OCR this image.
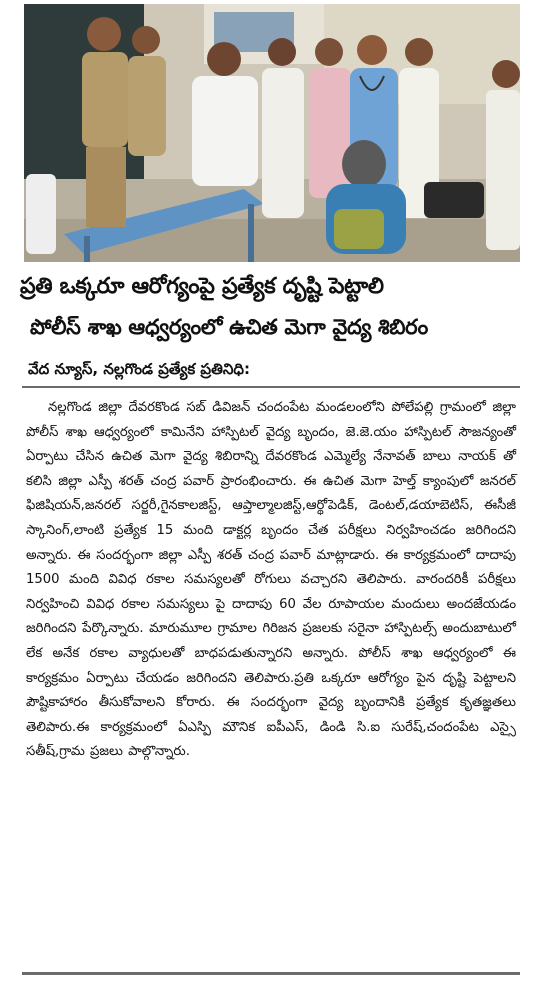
ప్రతి ఒక్కరూ ఆరోగ్యంపై ప్రత్యేక దృష్టి పెట్టాలి
పోలీస్ శాఖ ఆధ్వర్యంలో ఉచిత మెగా వైద్య శిబిరం
వేద న్యూస్, నల్లగొండ ప్రత్యేక ప్రతినిధి:

నల్లగొండ జిల్లా దేవరకొండ సబ్ డివిజన్ చందంపేట మండలంలోని పోలేపల్లి గ్రామంలో జిల్లా పోలీస్ శాఖ ఆధ్వర్యంలో కామినేని హాస్పిటల్ వైద్య బృందం, జె.జె.యం హాస్పిటల్ సౌజన్యంతో ఏర్పాటు చేసిన ఉచిత మెగా వైద్య శిబిరాన్ని దేవరకొండ ఎమ్మెల్యే నేనావత్ బాలు నాయక్ తో కలిసి జిల్లా ఎస్పీ శరత్ చంద్ర పవార్ ప్రారంభించారు. ఈ ఉచిత మెగా హెల్త్ క్యాంపులో జనరల్ ఫిజిషియన్,జనరల్ సర్జరీ,గైనకాలజిస్ట్, ఆప్తాల్మాలజిస్ట్,ఆర్థోపెడిక్, డెంటల్,డయాబెటిస్, ఈసీజీ స్కానింగ్,లాంటి ప్రత్యేక 15 మంది డాక్టర్ల బృందం చేత పరీక్షలు నిర్వహించడం జరిగిందని అన్నారు. ఈ సందర్భంగా జిల్లా ఎస్పీ శరత్ చంద్ర పవార్ మాట్లాడారు. ఈ కార్యక్రమంలో దాదాపు 1500 మంది వివిధ రకాల సమస్యలతో రోగులు వచ్చారని తెలిపారు. వారందరికీ పరీక్షలు నిర్వహించి వివిధ రకాల సమస్యలు పై దాదాపు 60 వేల రూపాయల మందులు అందజేయడం జరిగిందని పేర్కొన్నారు. మారుమూల గ్రామాల గిరిజన ప్రజలకు సరైనా హాస్పిటల్స్ అందుబాటులో లేక అనేక రకాల వ్యాధులతో బాధపడుతున్నారని అన్నారు. పోలీస్ శాఖ ఆధ్వర్యంలో ఈ కార్యక్రమం ఏర్పాటు చేయడం జరిగిందని తెలిపారు.ప్రతి ఒక్కరూ ఆరోగ్యం పైన దృష్టి పెట్టాలని పౌష్టికాహారం తీసుకోవాలని కోరారు. ఈ సందర్భంగా వైద్య బృందానికి ప్రత్యేక కృతజ్ఞతలు తెలిపారు.ఈ కార్యక్రమంలో ఏఎస్పి మౌనిక ఐపీఎస్, డిండి సి.ఐ సురేష్,చందంపేట ఎస్సై సతీష్,గ్రామ ప్రజలు పాల్గొన్నారు.
